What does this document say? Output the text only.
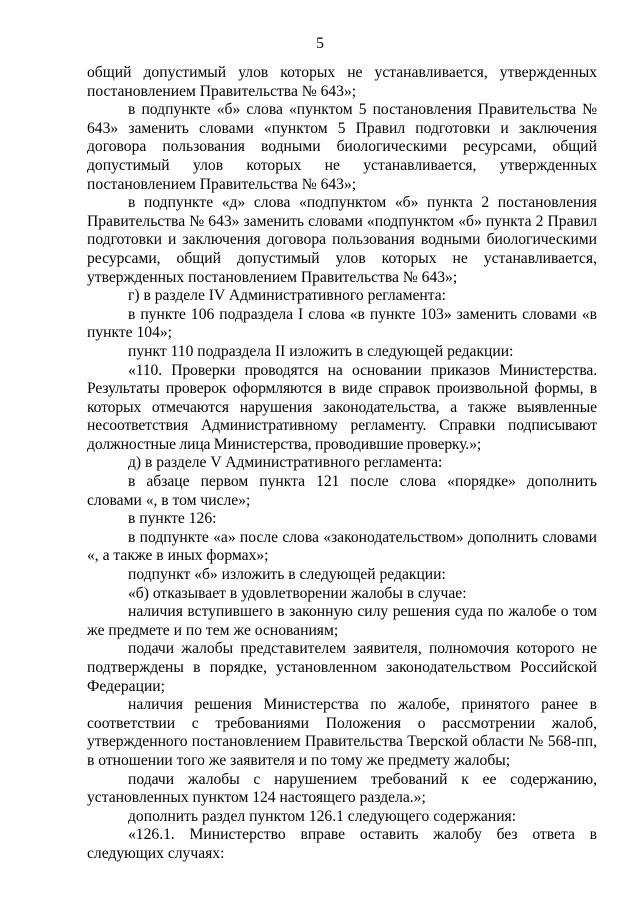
5

общий допустимый улов которых не устанавливается, утвержденных постановлением Правительства № 643»;

в подпункте «б» слова «пунктом 5 постановления Правительства № 643» заменить словами «пунктом 5 Правил подготовки и заключения договора пользования водными биологическими ресурсами, общий допустимый улов которых не устанавливается, утвержденных постановлением Правительства № 643»;

в подпункте «д» слова «подпунктом «б» пункта 2 постановления Правительства № 643» заменить словами «подпунктом «б» пункта 2 Правил подготовки и заключения договора пользования водными биологическими ресурсами, общий допустимый улов которых не устанавливается, утвержденных постановлением Правительства № 643»;

г) в разделе IV Административного регламента:

в пункте 106 подраздела I слова «в пункте 103» заменить словами «в пункте 104»;

пункт 110 подраздела II изложить в следующей редакции:

«110. Проверки проводятся на основании приказов Министерства. Результаты проверок оформляются в виде справок произвольной формы, в которых отмечаются нарушения законодательства, а также выявленные несоответствия Административному регламенту. Справки подписывают должностные лица Министерства, проводившие проверку.»;

д) в разделе V Административного регламента:

в абзаце первом пункта 121 после слова «порядке» дополнить словами «, в том числе»;

в пункте 126:

в подпункте «а» после слова «законодательством» дополнить словами «, а также в иных формах»;

подпункт «б» изложить в следующей редакции:

«б) отказывает в удовлетворении жалобы в случае:

наличия вступившего в законную силу решения суда по жалобе о том же предмете и по тем же основаниям;

подачи жалобы представителем заявителя, полномочия которого не подтверждены в порядке, установленном законодательством Российской Федерации;

наличия решения Министерства по жалобе, принятого ранее в соответствии с требованиями Положения о рассмотрении жалоб, утвержденного постановлением Правительства Тверской области № 568-пп, в отношении того же заявителя и по тому же предмету жалобы;

подачи жалобы с нарушением требований к ее содержанию, установленных пунктом 124 настоящего раздела.»;

дополнить раздел пунктом 126.1 следующего содержания:

«126.1. Министерство вправе оставить жалобу без ответа в следующих случаях:
